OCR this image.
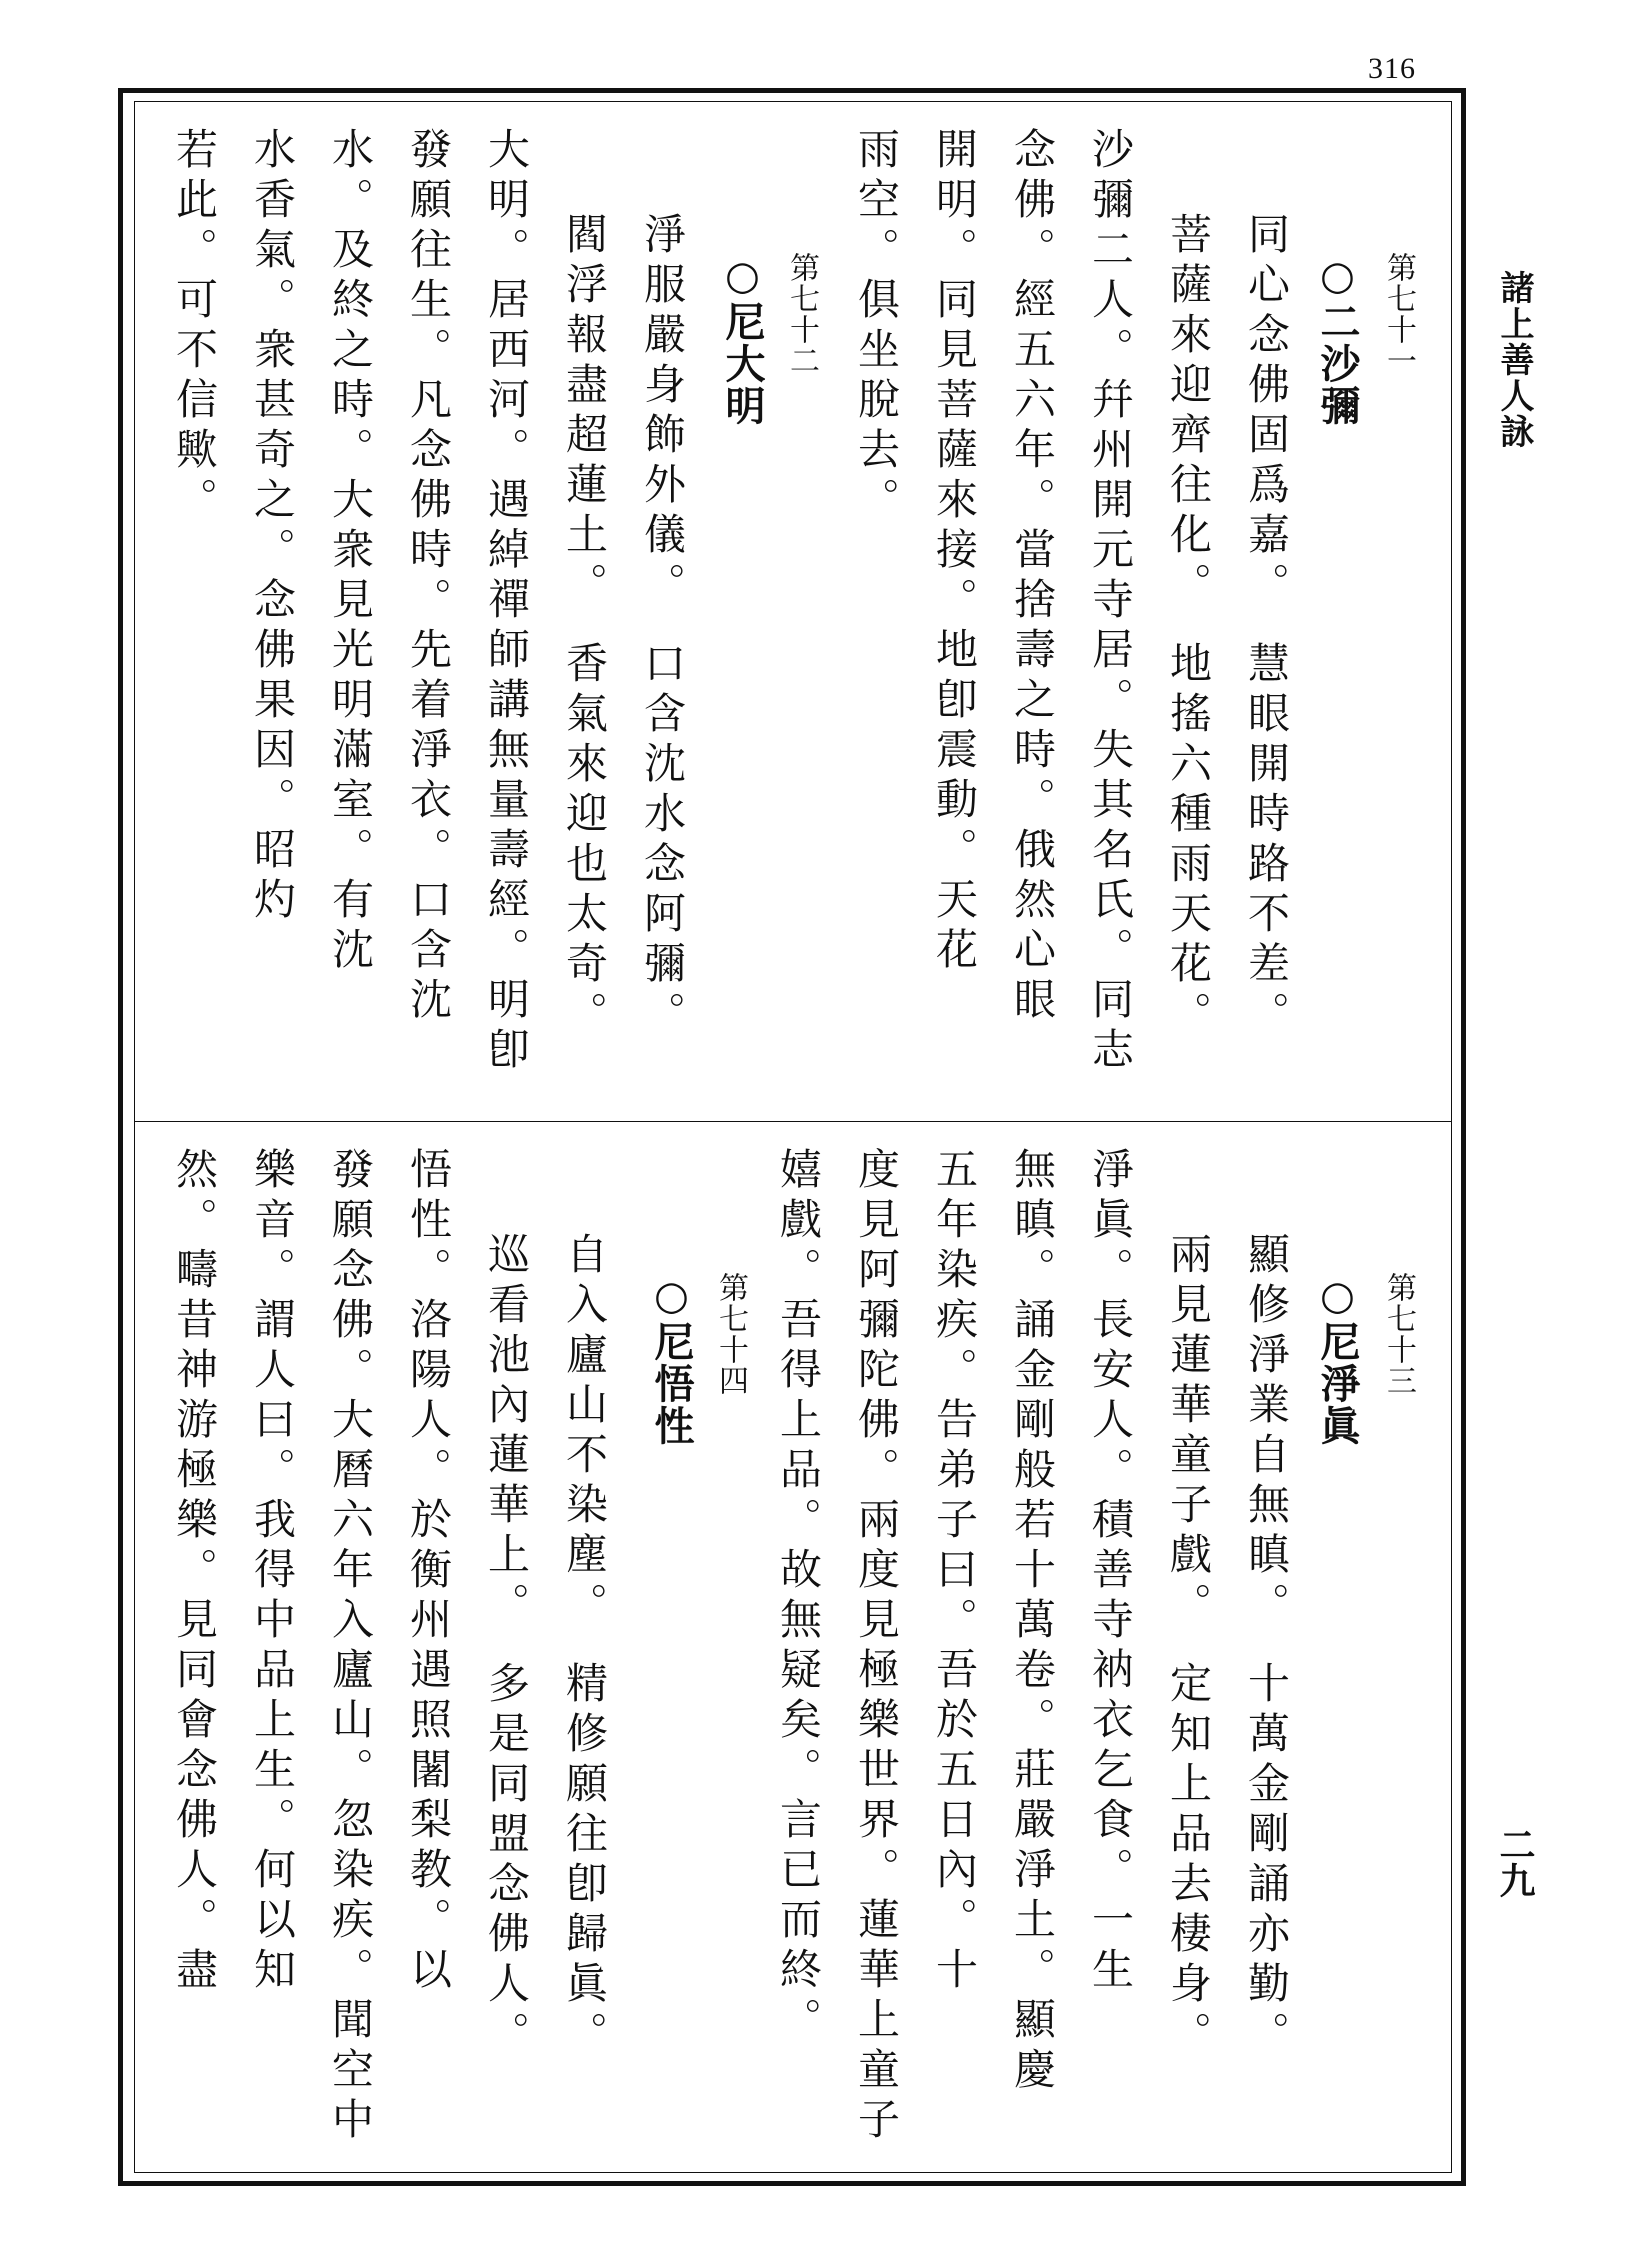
316
諸上善人詠
二九
第七十一
○二沙彌
同心念佛固爲嘉。　慧眼開時路不差。
菩薩來迎齊往化。　地搖六種雨天花。
沙彌二人。幷州開元寺居。失其名氏。同志
念佛。經五六年。當捨壽之時。俄然心眼
開明。同見菩薩來接。地卽震動。天花
雨空。俱坐脫去。
第七十二
○尼大明
淨服嚴身飾外儀。　口含沈水念阿彌。
閻浮報盡超蓮土。　香氣來迎也太奇。
大明。居西河。遇綽禪師講無量壽經。明卽
發願往生。凡念佛時。先着淨衣。口含沈
水。及終之時。大衆見光明滿室。有沈
水香氣。衆甚奇之。念佛果因。昭灼
若此。可不信歟。
第七十三
○尼淨眞
顯修淨業自無瞋。　十萬金剛誦亦勤。
兩見蓮華童子戲。　定知上品去棲身。
淨眞。長安人。積善寺衲衣乞食。一生
無瞋。誦金剛般若十萬卷。莊嚴淨土。顯慶
五年染疾。告弟子曰。吾於五日內。十
度見阿彌陀佛。兩度見極樂世界。蓮華上童子
嬉戲。吾得上品。故無疑矣。言已而終。
第七十四
○尼悟性
自入廬山不染塵。　精修願往卽歸眞。
巡看池內蓮華上。　多是同盟念佛人。
悟性。洛陽人。於衡州遇照闍梨教。以
發願念佛。大曆六年入廬山。忽染疾。聞空中
樂音。謂人曰。我得中品上生。何以知
然。疇昔神游極樂。見同會念佛人。盡
